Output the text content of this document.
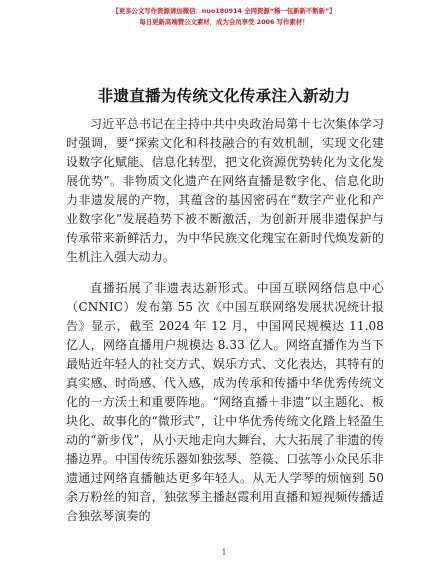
【更多公文写作资源请加微信：nuo180914 全网资源“稀一包新新不断新”】
每日更新高端赞公文素材，成为会员享受 2006 写作素材！
非遗直播为传统文化传承注入新动力

习近平总书记在主持中共中央政治局第十七次集体学习时强调，要“探索文化和科技融合的有效机制，实现文化建设数字化赋能、信息化转型，把文化资源优势转化为文化发展优势”。非物质文化遗产在网络直播是数字化、信息化助力非遗发展的产物，其蕴含的基因密码在“数字产业化和产业数字化”发展趋势下被不断激活，为创新开展非遗保护与传承带来新鲜活力，为中华民族文化瑰宝在新时代焕发新的生机注入强大动力。

直播拓展了非遗表达新形式。中国互联网络信息中心（CNNIC）发布第 55 次《中国互联网络发展状况统计报告》显示，截至 2024 年 12 月，中国网民规模达 11.08 亿人，网络直播用户规模达 8.33 亿人。网络直播作为当下最贴近年轻人的社交方式、娱乐方式、文化表达，其特有的真实感、时尚感、代入感，成为传承和传播中华优秀传统文化的一方沃土和重要阵地。“网络直播＋非遗”以主题化、板块化、故事化的“微形式”，让中华优秀传统文化踏上轻盈生动的“新步伐”，从小天地走向大舞台，大大拓展了非遗的传播边界。中国传统乐器如独弦琴、箜篌、口弦等小众民乐非遗通过网络直播触达更多年轻人。从无人学琴的烦恼到 50 余万粉丝的知音，独弦琴主播赵霞利用直播和短视频传播适合独弦琴演奏的

1
